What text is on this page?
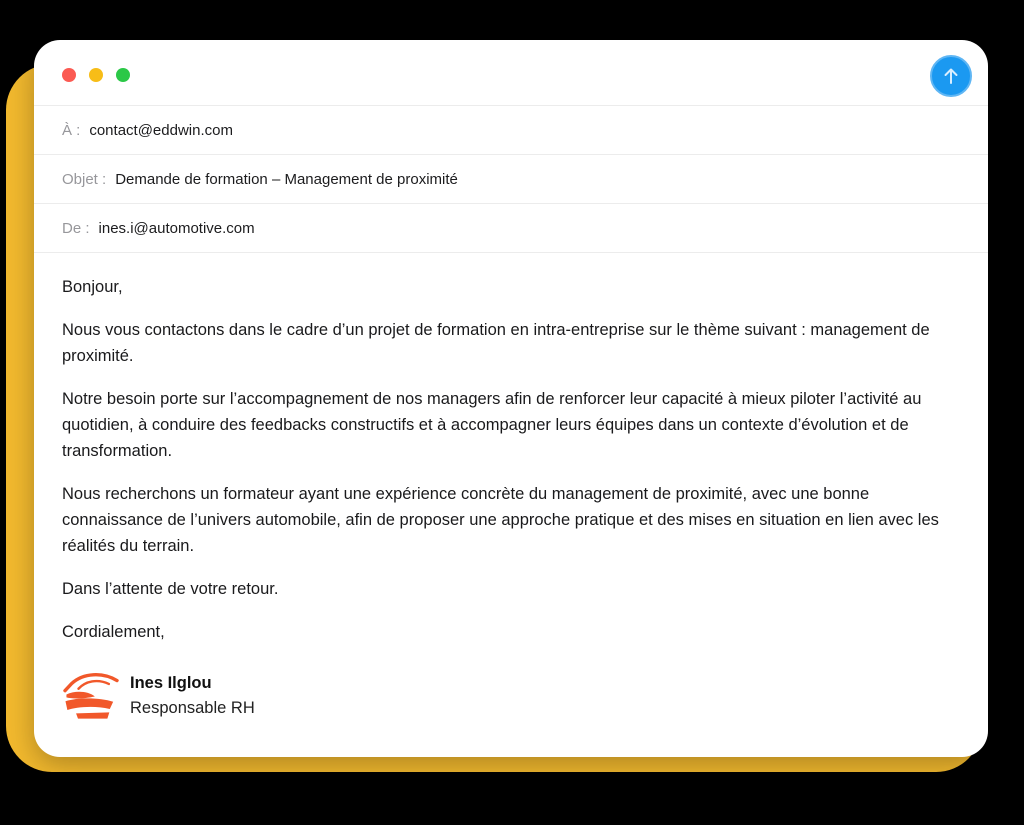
À : contact@eddwin.com
Objet : Demande de formation – Management de proximité
De : ines.i@automotive.com

Bonjour,

Nous vous contactons dans le cadre d’un projet de formation en intra-entreprise sur le thème suivant : management de proximité.

Notre besoin porte sur l’accompagnement de nos managers afin de renforcer leur capacité à mieux piloter l’activité au quotidien, à conduire des feedbacks constructifs et à accompagner leurs équipes dans un contexte d’évolution et de transformation.

Nous recherchons un formateur ayant une expérience concrète du management de proximité, avec une bonne connaissance de l’univers automobile, afin de proposer une approche pratique et des mises en situation en lien avec les réalités du terrain.

Dans l’attente de votre retour.

Cordialement,

Ines Ilglou
Responsable RH
